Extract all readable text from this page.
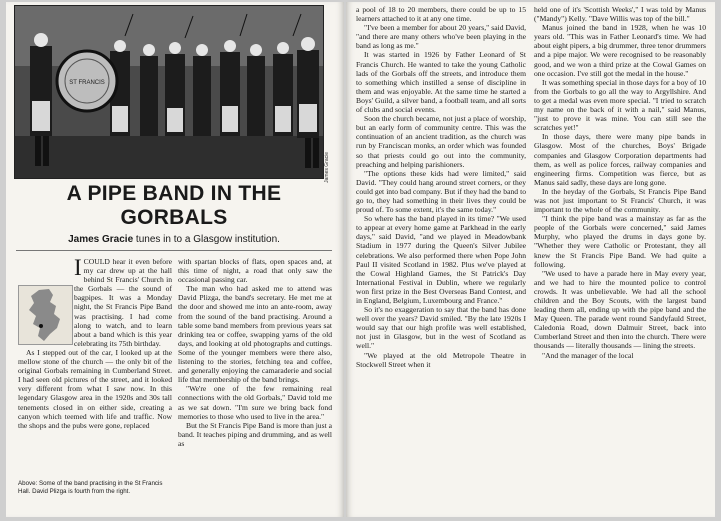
ST FRANCIS
James Gracie
A PIPE BAND IN THE GORBALS
James Gracie tunes in to a Glasgow institution.

I COULD hear it even before my car drew up at the hall behind St Francis' Church in the Gorbals — the sound of bagpipes. It was a Monday night, the St Francis Pipe Band was practising. I had come along to watch, and to learn about a band which is this year celebrating its 75th birthday.

As I stepped out of the car, I looked up at the mellow stone of the church — the only bit of the original Gorbals remaining in Cumberland Street. I had seen old pictures of the street, and it looked very different from what I saw now. In this legendary Glasgow area in the 1920s and 30s tall tenements closed in on either side, creating a canyon which teemed with life and traffic. Now the shops and the pubs were gone, replaced

Above: Some of the band practising in the St Francis Hall. David Plizga is fourth from the right.

with spartan blocks of flats, open spaces and, at this time of night, a road that only saw the occasional passing car.

The man who had asked me to attend was David Plizga, the band's secretary. He met me at the door and showed me into an ante-room, away from the sound of the band practising. Around a table some band members from previous years sat drinking tea or coffee, swapping yarns of the old days, and looking at old photographs and cuttings. Some of the younger members were there also, listening to the stories, fetching tea and coffee, and generally enjoying the camaraderie and social life that membership of the band brings.

"We're one of the few remaining real connections with the old Gorbals," David told me as we sat down. "I'm sure we bring back fond memories to those who used to live in the area."

But the St Francis Pipe Band is more than just a band. It teaches piping and drumming, and as well as

a pool of 18 to 20 members, there could be up to 15 learners attached to it at any one time.

"I've been a member for about 20 years," said David, "and there are many others who've been playing in the band as long as me."

It was started in 1926 by Father Leonard of St Francis Church. He wanted to take the young Catholic lads of the Gorbals off the streets, and introduce them to something which instilled a sense of discipline in them and was enjoyable. At the same time he started a Boys' Guild, a silver band, a football team, and all sorts of clubs and social events.

Soon the church became, not just a place of worship, but an early form of community centre. This was the continuation of an ancient tradition, as the church was run by Franciscan monks, an order which was founded so that priests could go out into the community, preaching and helping parishioners.

"The options these kids had were limited," said David. "They could hang around street corners, or they could get into bad company. But if they had the band to go to, they had something in their lives they could be proud of. To some extent, it's the same today."

So where has the band played in its time? "We used to appear at every home game at Parkhead in the early days," said David, "and we played in Meadowbank Stadium in 1977 during the Queen's Silver Jubilee celebrations. We also performed there when Pope John Paul II visited Scotland in 1982. Plus we've played at the Cowal Highland Games, the St Patrick's Day International Festival in Dublin, where we regularly won first prize in the Best Overseas Band Contest, and in England, Belgium, Luxembourg and France."

So it's no exaggeration to say that the band has done well over the years? David smiled. "By the late 1920s I would say that our high profile was well established, not just in Glasgow, but in the west of Scotland as well."

"We played at the old Metropole Theatre in Stockwell Street when it

held one of it's 'Scottish Weeks'," I was told by Manus ("Mandy") Kelly. "Dave Willis was top of the bill."

Manus joined the band in 1928, when he was 10 years old. "This was in Father Leonard's time. We had about eight pipers, a big drummer, three tenor drummers and a pipe major. We were recognised to be reasonably good, and we won a third prize at the Cowal Games on one occasion. I've still got the medal in the house."

It was something special in those days for a boy of 10 from the Gorbals to go all the way to Argyllshire. And to get a medal was even more special. "I tried to scratch my name on the back of it with a nail," said Manus, "just to prove it was mine. You can still see the scratches yet!"

In those days, there were many pipe bands in Glasgow. Most of the churches, Boys' Brigade companies and Glasgow Corporation departments had them, as well as police forces, railway companies and engineering firms. Competition was fierce, but as Manus said sadly, these days are long gone.

In the heyday of the Gorbals, St Francis Pipe Band was not just important to St Francis' Church, it was important to the whole of the community.

"I think the pipe band was a mainstay as far as the people of the Gorbals were concerned," said James Murphy, who played the drums in days gone by. "Whether they were Catholic or Protestant, they all knew the St Francis Pipe Band. We had quite a following.

"We used to have a parade here in May every year, and we had to hire the mounted police to control crowds. It was unbelievable. We had all the school children and the Boy Scouts, with the largest band leading them all, ending up with the pipe band and the May Queen. The parade went round Sandyfauld Street, Caledonia Road, down Dalmuir Street, back into Cumberland Street and then into the church. There were thousands — literally thousands — lining the streets.

"And the manager of the local
